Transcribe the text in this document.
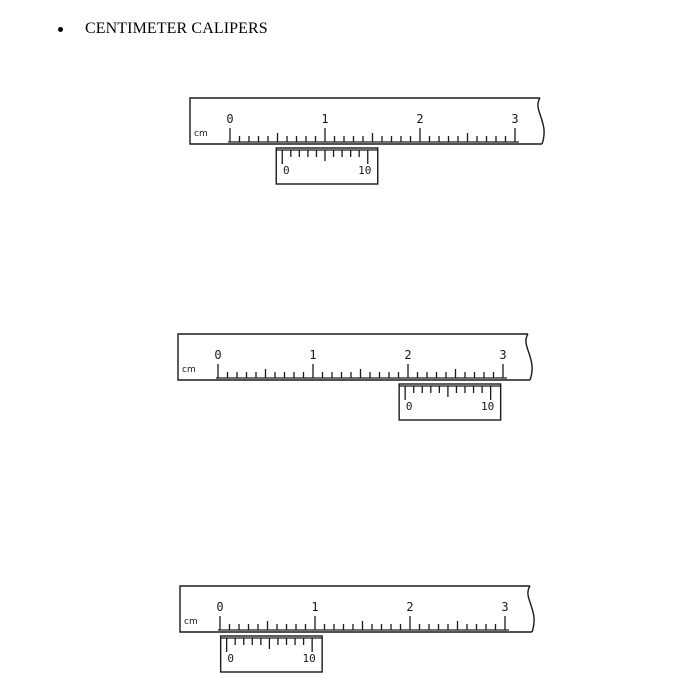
CENTIMETER CALIPERS
cm
0	1	2	3
0	10
cm
0	1	2	3
0	10
cm
0	1	2	3
0	10
